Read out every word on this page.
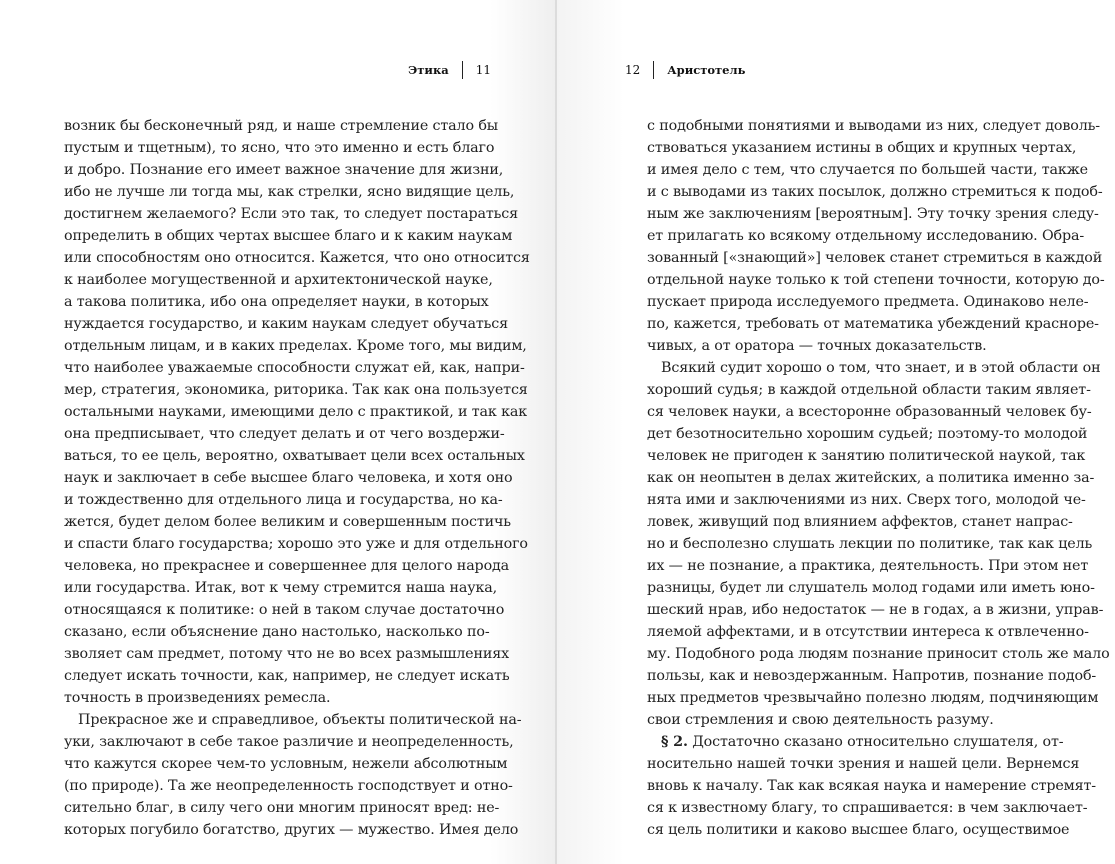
Этика 11
возник бы бесконечный ряд, и наше стремление стало бы
пустым и тщетным), то ясно, что это именно и есть благо
и добро. Познание его имеет важное значение для жизни,
ибо не лучше ли тогда мы, как стрелки, ясно видящие цель,
достигнем желаемого? Если это так, то следует постараться
определить в общих чертах высшее благо и к каким наукам
или способностям оно относится. Кажется, что оно относится
к наиболее могущественной и архитектонической науке,
а такова политика, ибо она определяет науки, в которых
нуждается государство, и каким наукам следует обучаться
отдельным лицам, и в каких пределах. Кроме того, мы видим,
что наиболее уважаемые способности служат ей, как, напри-
мер, стратегия, экономика, риторика. Так как она пользуется
остальными науками, имеющими дело с практикой, и так как
она предписывает, что следует делать и от чего воздержи-
ваться, то ее цель, вероятно, охватывает цели всех остальных
наук и заключает в себе высшее благо человека, и хотя оно
и тождественно для отдельного лица и государства, но ка-
жется, будет делом более великим и совершенным постичь
и спасти благо государства; хорошо это уже и для отдельного
человека, но прекраснее и совершеннее для целого народа
или государства. Итак, вот к чему стремится наша наука,
относящаяся к политике: о ней в таком случае достаточно
сказано, если объяснение дано настолько, насколько по-
зволяет сам предмет, потому что не во всех размышлениях
следует искать точности, как, например, не следует искать
точность в произведениях ремесла.
Прекрасное же и справедливое, объекты политической на-
уки, заключают в себе такое различие и неопределенность,
что кажутся скорее чем-то условным, нежели абсолютным
(по природе). Та же неопределенность господствует и отно-
сительно благ, в силу чего они многим приносят вред: не-
которых погубило богатство, других — мужество. Имея дело
12 Аристотель
с подобными понятиями и выводами из них, следует доволь-
ствоваться указанием истины в общих и крупных чертах,
и имея дело с тем, что случается по большей части, также
и с выводами из таких посылок, должно стремиться к подоб-
ным же заключениям [вероятным]. Эту точку зрения следу-
ет прилагать ко всякому отдельному исследованию. Обра-
зованный [«знающий»] человек станет стремиться в каждой
отдельной науке только к той степени точности, которую до-
пускает природа исследуемого предмета. Одинаково неле-
по, кажется, требовать от математика убеждений красноре-
чивых, а от оратора — точных доказательств.
Всякий судит хорошо о том, что знает, и в этой области он
хороший судья; в каждой отдельной области таким являет-
ся человек науки, а всесторонне образованный человек бу-
дет безотносительно хорошим судьей; поэтому-то молодой
человек не пригоден к занятию политической наукой, так
как он неопытен в делах житейских, а политика именно за-
нята ими и заключениями из них. Сверх того, молодой че-
ловек, живущий под влиянием аффектов, станет напрас-
но и бесполезно слушать лекции по политике, так как цель
их — не познание, а практика, деятельность. При этом нет
разницы, будет ли слушатель молод годами или иметь юно-
шеский нрав, ибо недостаток — не в годах, а в жизни, управ-
ляемой аффектами, и в отсутствии интереса к отвлеченно-
му. Подобного рода людям познание приносит столь же мало
пользы, как и невоздержанным. Напротив, познание подоб-
ных предметов чрезвычайно полезно людям, подчиняющим
свои стремления и свою деятельность разуму.
§ 2. Достаточно сказано относительно слушателя, от-
носительно нашей точки зрения и нашей цели. Вернемся
вновь к началу. Так как всякая наука и намерение стремят-
ся к известному благу, то спрашивается: в чем заключает-
ся цель политики и каково высшее благо, осуществимое
